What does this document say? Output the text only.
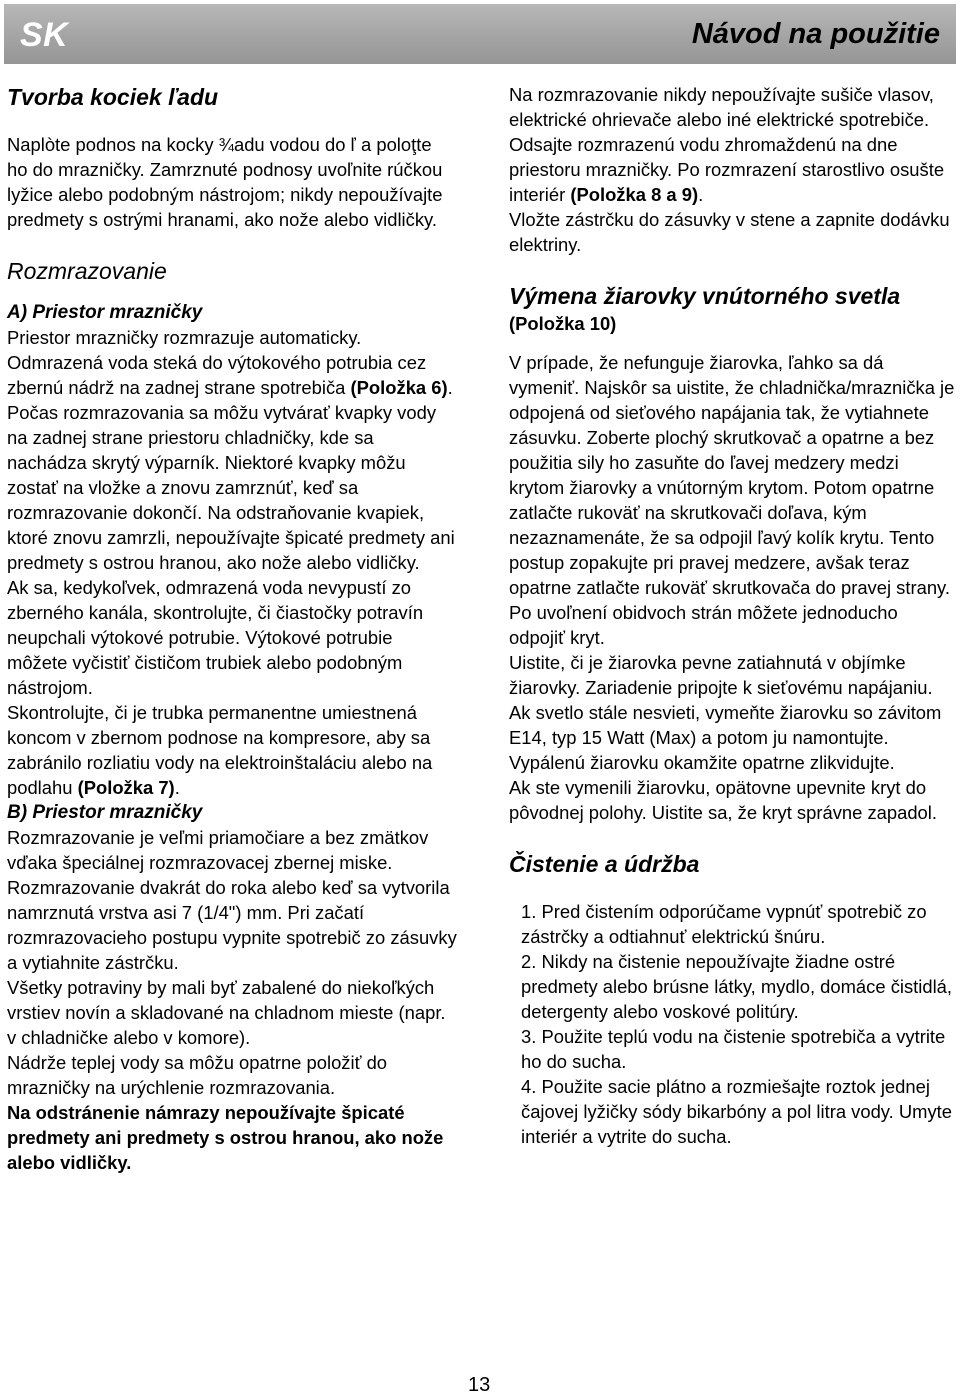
SK	Návod na použitie
Tvorba kociek ľadu

Naplòte podnos na kocky ¾adu vodou do ľ a poloţte ho do mrazničky. Zamrznuté podnosy uvoľnite rúčkou lyžice alebo podobným nástrojom; nikdy nepoužívajte predmety s ostrými hranami, ako nože alebo vidličky.

Rozmrazovanie
A) Priestor mrazničky

Priestor mrazničky rozmrazuje automaticky.

Odmrazená voda steká do výtokového potrubia cez zbernú nádrž na zadnej strane spotrebiča (Položka 6).

Počas rozmrazovania sa môžu vytvárať kvapky vody na zadnej strane priestoru chladničky, kde sa nachádza skrytý výparník. Niektoré kvapky môžu zostať na vložke a znovu zamrznúť, keď sa rozmrazovanie dokončí. Na odstraňovanie kvapiek, ktoré znovu zamrzli, nepoužívajte špicaté predmety ani predmety s ostrou hranou, ako nože alebo vidličky.

Ak sa, kedykoľvek, odmrazená voda nevypustí zo zberného kanála, skontrolujte, či čiastočky potravín neupchali výtokové potrubie. Výtokové potrubie môžete vyčistiť čističom trubiek alebo podobným nástrojom.

Skontrolujte, či je trubka permanentne umiestnená koncom v zbernom podnose na kompresore, aby sa zabránilo rozliatiu vody na elektroinštaláciu alebo na podlahu (Položka 7).

B) Priestor mrazničky

Rozmrazovanie je veľmi priamočiare a bez zmätkov vďaka špeciálnej rozmrazovacej zbernej miske.

Rozmrazovanie dvakrát do roka alebo keď sa vytvorila namrznutá vrstva asi 7 (1/4") mm. Pri začatí rozmrazovacieho postupu vypnite spotrebič zo zásuvky a vytiahnite zástrčku.

Všetky potraviny by mali byť zabalené do niekoľkých vrstiev novín a skladované na chladnom mieste (napr. v chladničke alebo v komore).

Nádrže teplej vody sa môžu opatrne položiť do mrazničky na urýchlenie rozmrazovania.

Na odstránenie námrazy nepoužívajte špicaté predmety ani predmety s ostrou hranou, ako nože alebo vidličky.

Na rozmrazovanie nikdy nepoužívajte sušiče vlasov, elektrické ohrievače alebo iné elektrické spotrebiče.

Odsajte rozmrazenú vodu zhromaždenú na dne priestoru mrazničky. Po rozmrazení starostlivo osušte interiér (Položka 8 a 9).

Vložte zástrčku do zásuvky v stene a zapnite dodávku elektriny.

Výmena žiarovky vnútorného svetla

(Položka 10)

V prípade, že nefunguje žiarovka, ľahko sa dá vymeniť. Najskôr sa uistite, že chladnička/mraznička je odpojená od sieťového napájania tak, že vytiahnete zásuvku. Zoberte plochý skrutkovač a opatrne a bez použitia sily ho zasuňte do ľavej medzery medzi krytom žiarovky a vnútorným krytom. Potom opatrne zatlačte rukoväť na skrutkovači doľava, kým nezaznamenáte, že sa odpojil ľavý kolík krytu. Tento postup zopakujte pri pravej medzere, avšak teraz opatrne zatlačte rukoväť skrutkovača do pravej strany. Po uvoľnení obidvoch strán môžete jednoducho odpojiť kryt.

Uistite, či je žiarovka pevne zatiahnutá v objímke žiarovky. Zariadenie pripojte k sieťovému napájaniu. Ak svetlo stále nesvieti, vymeňte žiarovku so závitom E14, typ 15 Watt (Max) a potom ju namontujte. Vypálenú žiarovku okamžite opatrne zlikvidujte.

Ak ste vymenili žiarovku, opätovne upevnite kryt do pôvodnej polohy. Uistite sa, že kryt správne zapadol.

Čistenie a údržba
1. Pred čistením odporúčame vypnúť spotrebič zo zástrčky a odtiahnuť elektrickú šnúru.
2. Nikdy na čistenie nepoužívajte žiadne ostré predmety alebo brúsne látky, mydlo, domáce čistidlá, detergenty alebo voskové politúry.
3. Použite teplú vodu na čistenie spotrebiča a vytrite ho do sucha.
4. Použite sacie plátno a rozmiešajte roztok jednej čajovej lyžičky sódy bikarbóny a pol litra vody. Umyte interiér a vytrite do sucha.
13
